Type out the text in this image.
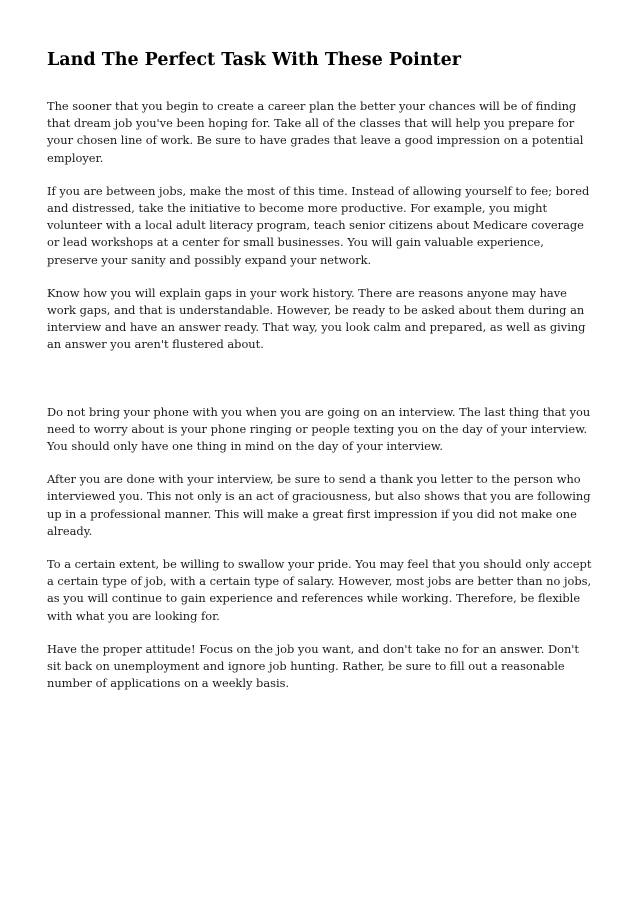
Land The Perfect Task With These Pointer

The sooner that you begin to create a career plan the better your chances will be of finding that dream job you've been hoping for. Take all of the classes that will help you prepare for your chosen line of work. Be sure to have grades that leave a good impression on a potential employer.

If you are between jobs, make the most of this time. Instead of allowing yourself to fee; bored and distressed, take the initiative to become more productive. For example, you might volunteer with a local adult literacy program, teach senior citizens about Medicare coverage or lead workshops at a center for small businesses. You will gain valuable experience, preserve your sanity and possibly expand your network.

Know how you will explain gaps in your work history. There are reasons anyone may have work gaps, and that is understandable. However, be ready to be asked about them during an interview and have an answer ready. That way, you look calm and prepared, as well as giving an answer you aren't flustered about.

Do not bring your phone with you when you are going on an interview. The last thing that you need to worry about is your phone ringing or people texting you on the day of your interview. You should only have one thing in mind on the day of your interview.

After you are done with your interview, be sure to send a thank you letter to the person who interviewed you. This not only is an act of graciousness, but also shows that you are following up in a professional manner. This will make a great first impression if you did not make one already.

To a certain extent, be willing to swallow your pride. You may feel that you should only accept a certain type of job, with a certain type of salary. However, most jobs are better than no jobs, as you will continue to gain experience and references while working. Therefore, be flexible with what you are looking for.

Have the proper attitude! Focus on the job you want, and don't take no for an answer. Don't sit back on unemployment and ignore job hunting. Rather, be sure to fill out a reasonable number of applications on a weekly basis.
